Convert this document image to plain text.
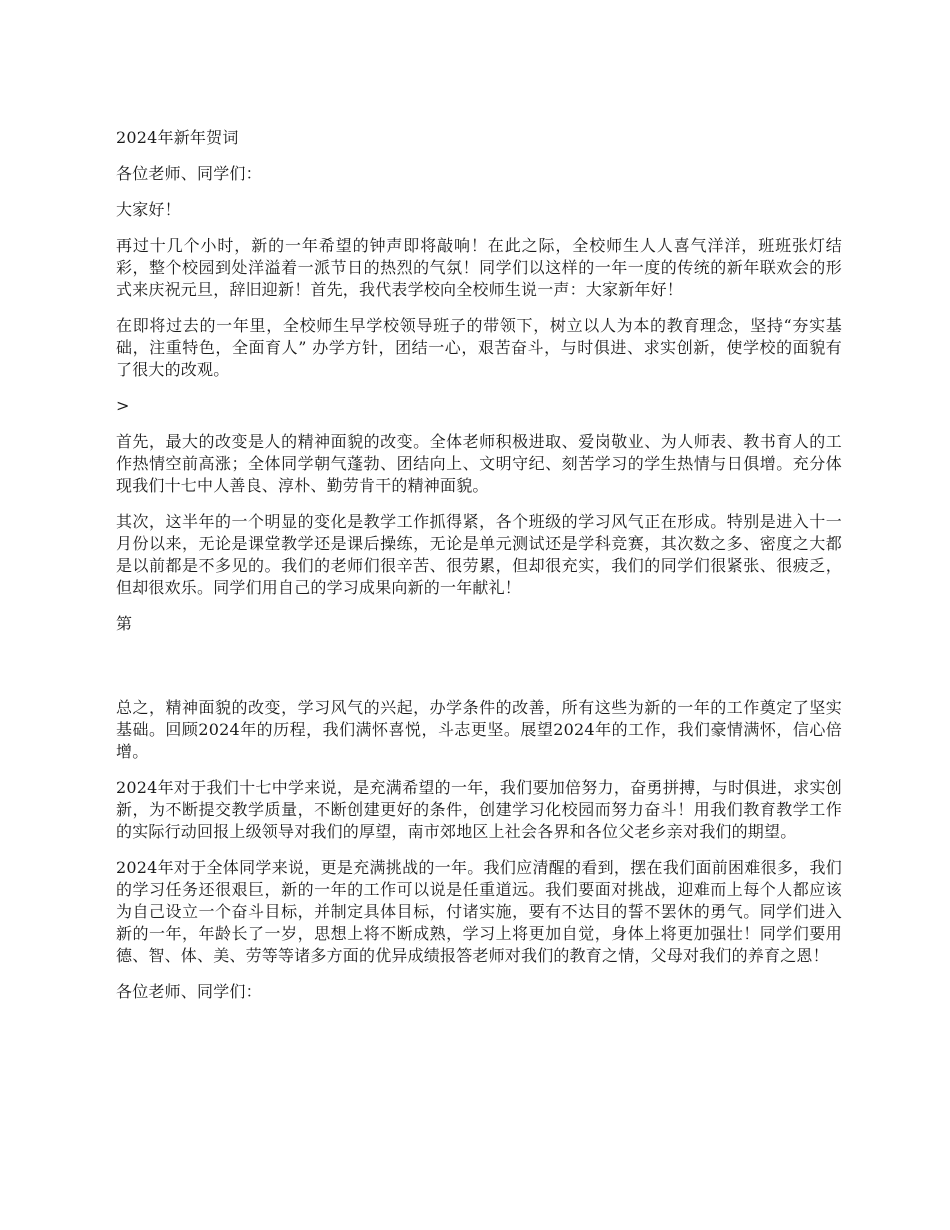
2024年新年贺词

各位老师、同学们：

大家好！

再过十几个小时，新的一年希望的钟声即将敲响！在此之际，全校师生人人喜气洋洋，班班张灯结彩，整个校园到处洋溢着一派节日的热烈的气氛！同学们以这样的一年一度的传统的新年联欢会的形式来庆祝元旦，辞旧迎新！首先，我代表学校向全校师生说一声：大家新年好！

在即将过去的一年里，全校师生早学校领导班子的带领下，树立以人为本的教育理念，坚持“夯实基础，注重特色，全面育人” 办学方针，团结一心，艰苦奋斗，与时俱进、求实创新，使学校的面貌有了很大的改观。

>

首先，最大的改变是人的精神面貌的改变。全体老师积极进取、爱岗敬业、为人师表、教书育人的工作热情空前高涨；全体同学朝气蓬勃、团结向上、文明守纪、刻苦学习的学生热情与日俱增。充分体现我们十七中人善良、淳朴、勤劳肯干的精神面貌。

其次，这半年的一个明显的变化是教学工作抓得紧，各个班级的学习风气正在形成。特别是进入十一月份以来，无论是课堂教学还是课后操练，无论是单元测试还是学科竞赛，其次数之多、密度之大都是以前都是不多见的。我们的老师们很辛苦、很劳累，但却很充实，我们的同学们很紧张、很疲乏，但却很欢乐。同学们用自己的学习成果向新的一年献礼！

第

总之，精神面貌的改变，学习风气的兴起，办学条件的改善，所有这些为新的一年的工作奠定了坚实基础。回顾2024年的历程，我们满怀喜悦，斗志更坚。展望2024年的工作，我们豪情满怀，信心倍增。

2024年对于我们十七中学来说，是充满希望的一年，我们要加倍努力，奋勇拼搏，与时俱进，求实创新，为不断提交教学质量，不断创建更好的条件，创建学习化校园而努力奋斗！用我们教育教学工作的实际行动回报上级领导对我们的厚望，南市郊地区上社会各界和各位父老乡亲对我们的期望。

2024年对于全体同学来说，更是充满挑战的一年。我们应清醒的看到，摆在我们面前困难很多，我们的学习任务还很艰巨，新的一年的工作可以说是任重道远。我们要面对挑战，迎难而上每个人都应该为自己设立一个奋斗目标，并制定具体目标，付诸实施，要有不达目的誓不罢休的勇气。同学们进入新的一年，年龄长了一岁，思想上将不断成熟，学习上将更加自觉，身体上将更加强壮！同学们要用德、智、体、美、劳等等诸多方面的优异成绩报答老师对我们的教育之情，父母对我们的养育之恩！

各位老师、同学们：
